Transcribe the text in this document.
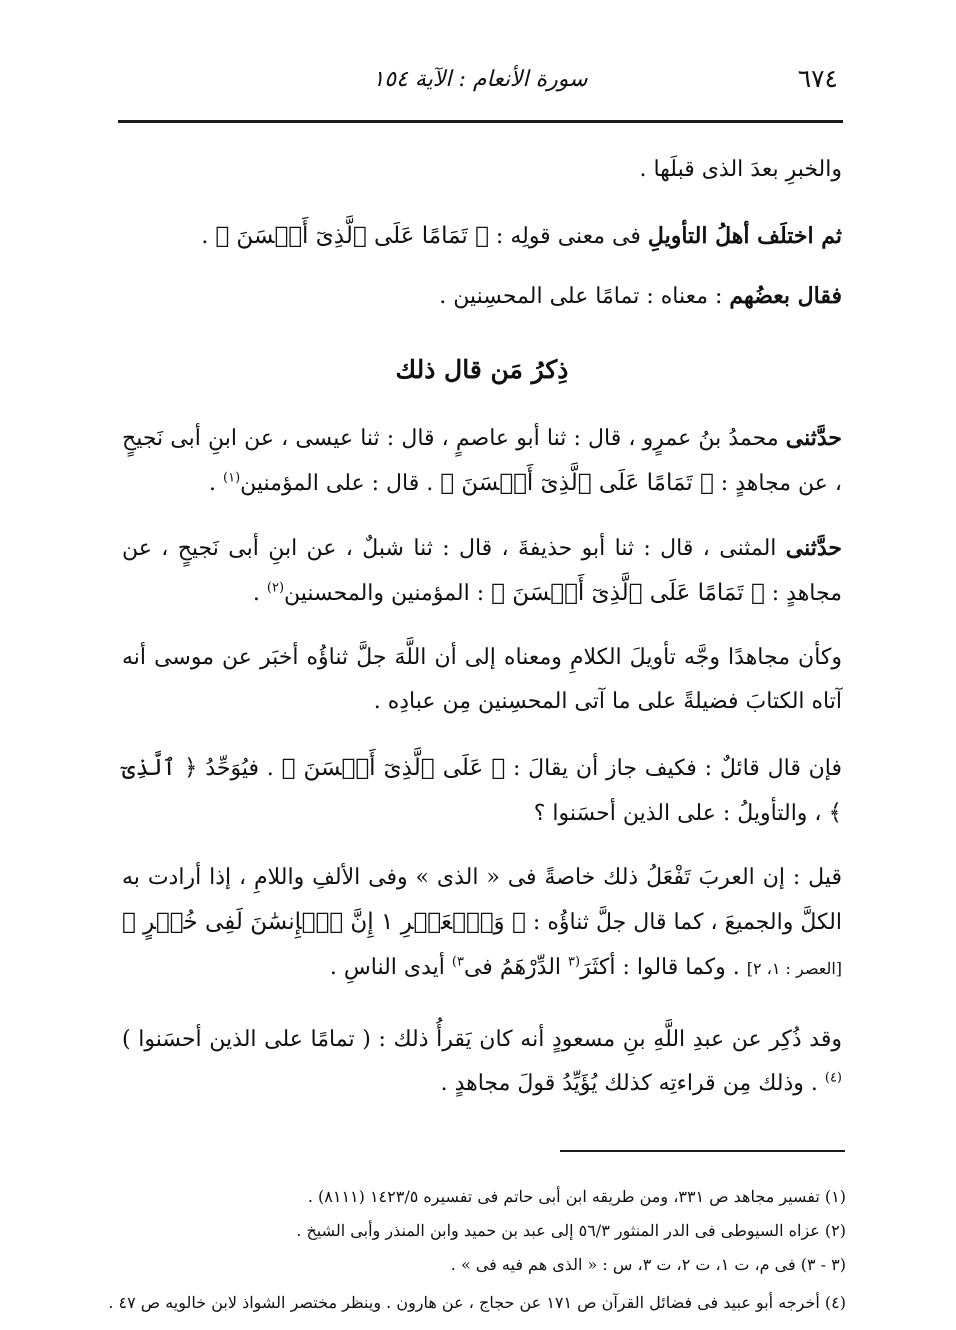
٦٧٤
سورة الأنعام : الآية ١٥٤

والخبرِ بعدَ الذى قبلَها .

ثم اختلَف أهلُ التأويلِ فى معنى قولِه : ﴿ تَمَامًا عَلَى ٱلَّذِىٓ أَحۡسَنَ ﴾ .

فقال بعضُهم : معناه : تمامًا على المحسِنين .

ذِكرُ مَن قال ذلك

حدَّثنى محمدُ بنُ عمرٍو ، قال : ثنا أبو عاصمٍ ، قال : ثنا عيسى ، عن ابنِ أبى نَجيحٍ ، عن مجاهدٍ : ﴿ تَمَامًا عَلَى ٱلَّذِىٓ أَحۡسَنَ ﴾ . قال : على المؤمنين$^{(١)}$ .

حدَّثنى المثنى ، قال : ثنا أبو حذيفةَ ، قال : ثنا شبلٌ ، عن ابنِ أبى نَجيحٍ ، عن مجاهدٍ : ﴿ تَمَامًا عَلَى ٱلَّذِىٓ أَحۡسَنَ ﴾ : المؤمنين والمحسنين$^{(٢)}$ .

وكأن مجاهدًا وجَّه تأويلَ الكلامِ ومعناه إلى أن اللَّهَ جلَّ ثناؤُه أخبَر عن موسى أنه آتاه الكتابَ فضيلةً على ما آتى المحسِنين مِن عبادِه .

فإن قال قائلٌ : فكيف جاز أن يقالَ : ﴿ عَلَى ٱلَّذِىٓ أَحۡسَنَ ﴾ . فيُوَحِّدُ ﴿ ٱلَّذِىٓ ﴾ ، والتأويلُ : على الذين أحسَنوا ؟

قيل : إن العربَ تَفْعَلُ ذلك خاصةً فى « الذى » وفى الألفِ واللامِ ، إذا أرادت به الكلَّ والجميعَ ، كما قال جلَّ ثناؤُه : ﴿ وَٱلۡعَصۡرِ ١ إِنَّ ٱلۡإِنسَٰنَ لَفِى خُسۡرٍ ﴾ [العصر : ١، ٢] . وكما قالوا : أكثَرَ$^{(٣}$ الدِّرْهَمُ فى$^{٣)}$ أيدى الناسِ .

وقد ذُكِر عن عبدِ اللَّهِ بنِ مسعودٍ أنه كان يَقرأُ ذلك : ( تمامًا على الذين أحسَنوا )$^{(٤)}$ . وذلك مِن قراءتِه كذلك يُؤَيِّدُ قولَ مجاهدٍ .

(١) تفسير مجاهد ص ٣٣١، ومن طريقه ابن أبى حاتم فى تفسيره ١٤٢٣/٥ (٨١١١) .
(٢) عزاه السيوطى فى الدر المنثور ٥٦/٣ إلى عبد بن حميد وابن المنذر وأبى الشيخ .
(٣ - ٣) فى م، ت ١، ت ٢، ت ٣، س : « الذى هم فيه فى » .
(٤) أخرجه أبو عبيد فى فضائل القرآن ص ١٧١ عن حجاج ، عن هارون . وينظر مختصر الشواذ لابن خالويه ص ٤٧ .
